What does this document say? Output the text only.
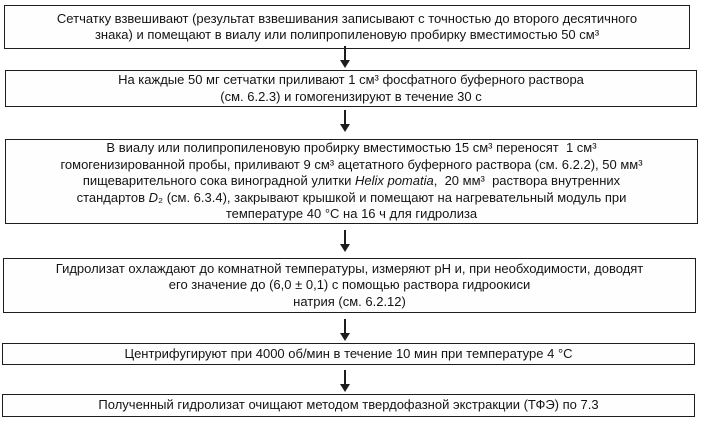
Сетчатку взвешивают (результат взвешивания записывают с точностью до второго десятичного
знака) и помещают в виалу или полипропиленовую пробирку вместимостью 50 см³
На каждые 50 мг сетчатки приливают 1 см³ фосфатного буферного раствора
(см. 6.2.3) и гомогенизируют в течение 30 с
В виалу или полипропиленовую пробирку вместимостью 15 см³ переносят  1 см³
гомогенизированной пробы, приливают 9 см³ ацетатного буферного раствора (см. 6.2.2), 50 мм³
пищеварительного сока виноградной улитки Helix pomatia,  20 мм³  раствора внутренних
стандартов D₂ (см. 6.3.4), закрывают крышкой и помещают на нагревательный модуль при
температуре 40 °С на 16 ч для гидролиза
Гидролизат охлаждают до комнатной температуры, измеряют pH и, при необходимости, доводят
его значение до (6,0 ± 0,1) с помощью раствора гидроокиси
натрия (см. 6.2.12)
Центрифугируют при 4000 об/мин в течение 10 мин при температуре 4 °С
Полученный гидролизат очищают методом твердофазной экстракции (ТФЭ) по 7.3
